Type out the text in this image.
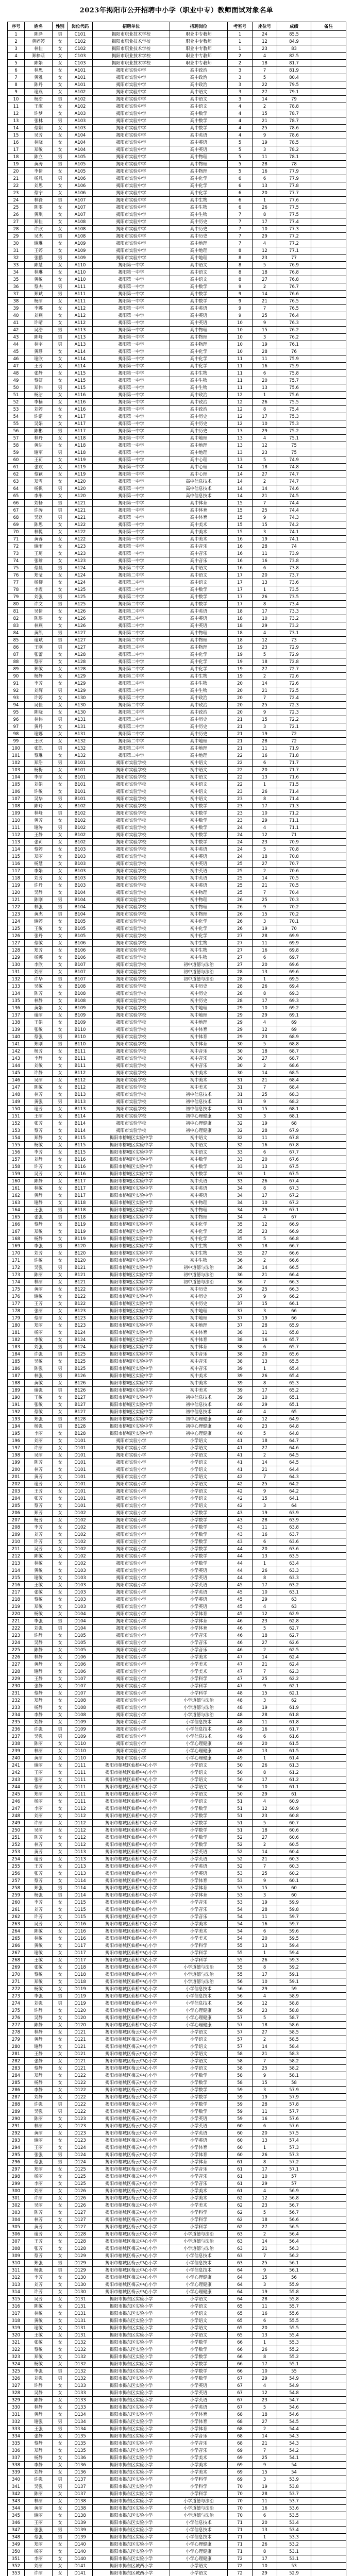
2023年揭阳市公开招聘中小学（职业中专）教师面试对象名单
序号	姓名	性别	岗位代码	招聘单位	招聘岗位	考室号	座位号	成绩	备注
1	陈泽	男	C101	揭阳市职业技术学校	职业中专教师	1	24	85.5	
2	黄婷婷	女	C102	揭阳市职业技术学校	职业中专教师	1	12	84.9	
3	林佳	女	C102	揭阳市职业技术学校	职业中专教师	1	23	83	
4	郑梓萌	女	C103	揭阳市职业技术学校	职业中专教师	2	4	82.5	
5	陈娟	女	C103	揭阳市职业技术学校	职业中专教师	2	18	81.7	
6	林思	女	A101	揭阳市实验中学	高中政治	3	7	81.9	
7	黄雅	女	A101	揭阳市实验中学	高中政治	3	5	80.4	
8	陈丹	女	A101	揭阳市实验中学	高中政治	3	22	79.5	
9	谢燕	女	A102	揭阳市实验中学	高中语文	3	27	79.1	
10	杨浩	男	A102	揭阳市实验中学	高中语文	3	14	79	
11	王淑	女	A102	揭阳市实验中学	高中语文	4	2	78.8	
12	许梦	女	A103	揭阳市实验中学	高中数学	4	15	78.7	
13	张林	男	A103	揭阳市实验中学	高中数学	4	21	78.7	
14	蔡娴	女	A103	揭阳市实验中学	高中数学	4	25	78.6	
15	吴芳	女	A104	揭阳市实验中学	高中英语	4	9	78.6	
16	林晓	女	A104	揭阳市实验中学	高中英语	5	19	78.5	
17	郑敏	女	A104	揭阳市实验中学	高中英语	5	3	78.2	
18	陈立	男	A105	揭阳市实验中学	高中物理	5	11	78.1	
19	黄涛	男	A105	揭阳市实验中学	高中物理	5	28	78	
20	李倩	女	A105	揭阳市实验中学	高中物理	5	16	77.9	
21	杨凡	男	A106	揭阳市实验中学	高中化学	6	6	77.9	
22	刘思	女	A106	揭阳市实验中学	高中化学	6	13	77.8	
23	蔡宁	女	A106	揭阳市实验中学	高中化学	6	20	77.7	
24	林锋	男	A107	揭阳市实验中学	高中生物	6	1	77.6	
25	陈雯	女	A107	揭阳市实验中学	高中生物	6	26	77.5	
26	黄琪	女	A107	揭阳市实验中学	高中生物	7	8	77.5	
27	郑佳	女	A108	揭阳市实验中学	高中历史	7	17	77.4	
28	许欣	女	A108	揭阳市实验中学	高中历史	7	10	77.3	
29	吴杰	男	A108	揭阳市实验中学	高中历史	7	29	77.2	
30	谢琳	女	A109	揭阳市实验中学	高中地理	7	4	77.2	
31	王婷	女	A109	揭阳市实验中学	高中地理	8	12	77.1	
32	张鹏	男	A109	揭阳市实验中学	高中地理	8	23	77	
33	陈慧	女	A110	揭阳第一中学	高中语文	8	5	76.9	
34	林琳	女	A110	揭阳第一中学	高中语文	8	18	76.8	
35	黄敏	女	A110	揭阳第一中学	高中语文	8	27	76.8	
36	蔡杰	男	A111	揭阳第一中学	高中数学	9	2	76.7	
37	郑斌	男	A111	揭阳第一中学	高中数学	9	14	76.6	
38	杨丽	女	A111	揭阳第一中学	高中数学	9	21	76.5	
39	李娜	女	A112	揭阳第一中学	高中英语	9	7	76.5	
40	刘燕	女	A112	揭阳第一中学	高中英语	9	25	76.4	
41	许晴	女	A112	揭阳第一中学	高中英语	10	9	76.3	
42	吴浩	男	A113	揭阳第一中学	高中物理	10	15	76.2	
43	陈峰	男	A113	揭阳第一中学	高中物理	10	3	76.2	
44	林宇	男	A113	揭阳第一中学	高中物理	10	19	76.1	
45	黄珊	女	A114	揭阳第一中学	高中化学	10	28	76	
46	谢欣	女	A114	揭阳第一中学	高中化学	11	11	75.9	
47	王芳	女	A114	揭阳第一中学	高中化学	11	16	75.9	
48	张静	女	A115	揭阳第一中学	高中生物	11	6	75.8	
49	蔡妍	女	A115	揭阳第一中学	高中生物	11	20	75.7	
50	郑伟	男	A115	揭阳第一中学	高中生物	11	13	75.6	
51	杨洁	女	A116	揭阳第一中学	高中政治	12	1	75.6	
52	李楠	女	A116	揭阳第一中学	高中政治	12	26	75.5	
53	刘婷	女	A116	揭阳第一中学	高中政治	12	8	75.4	
54	许诺	女	A117	揭阳第一中学	高中历史	12	17	75.3	
55	吴娟	女	A117	揭阳第一中学	高中历史	12	10	75.3	
56	陈彬	男	A117	揭阳第一中学	高中历史	13	29	75.2	
57	林丹	女	A118	揭阳第一中学	高中地理	13	4	75.1	
58	黄洁	女	A118	揭阳第一中学	高中地理	13	12	75	
59	谢军	男	A118	揭阳第一中学	高中地理	13	23	75	
60	王莉	女	A119	揭阳第一中学	高中心理	13	5	74.9	
61	张欢	女	A119	揭阳第一中学	高中心理	14	18	74.8	
62	蔡颖	女	A119	揭阳第一中学	高中心理	14	27	74.7	
63	郑雪	女	A120	揭阳第一中学	高中信息技术	14	2	74.7	
64	杨帆	男	A120	揭阳第一中学	高中信息技术	14	14	74.6	
65	李彤	女	A120	揭阳第一中学	高中信息技术	14	21	74.5	
66	刘畅	男	A121	揭阳第一中学	高中体育	15	7	74.4	
67	许涛	男	A121	揭阳第一中学	高中体育	15	25	74.4	
68	吴磊	男	A121	揭阳第一中学	高中体育	15	9	74.3	
69	陈思	女	A122	揭阳第一中学	高中美术	15	15	74.2	
70	林悦	女	A122	揭阳第一中学	高中美术	15	3	74.1	
71	黄蓉	女	A122	揭阳第一中学	高中美术	16	19	74.1	
72	谢雨	女	A123	揭阳第一中学	高中音乐	16	28	74	
73	王琦	女	A123	揭阳第一中学	高中音乐	16	11	73.9	
74	张瑜	女	A123	揭阳第一中学	高中音乐	16	16	73.8	
75	蔡晨	男	A124	揭阳第二中学	高中语文	16	6	73.8	
76	郑莹	女	A124	揭阳第二中学	高中语文	17	20	73.7	
77	杨柳	女	A124	揭阳第二中学	高中语文	17	13	73.6	
78	李霞	女	A125	揭阳第二中学	高中数学	17	1	73.5	
79	刘强	男	A125	揭阳第二中学	高中数学	17	26	73.5	
80	许文	男	A125	揭阳第二中学	高中数学	17	8	73.4	
81	吴倩	女	A126	揭阳第二中学	高中英语	18	17	73.3	
82	陈瑶	女	A126	揭阳第二中学	高中英语	18	10	73.2	
83	林燕	女	A126	揭阳第二中学	高中英语	18	29	73.2	
84	黄凯	男	A127	揭阳第二中学	高中物理	18	4	73.1	
85	谢斌	男	A127	揭阳第二中学	高中物理	18	12	73	
86	王刚	男	A127	揭阳第二中学	高中物理	19	23	72.9	
87	张蕾	女	A128	揭阳第二中学	高中化学	19	5	72.9	
88	蔡丽	女	A128	揭阳第二中学	高中化学	19	18	72.8	
89	郑敏	女	A128	揭阳第二中学	高中化学	19	27	72.7	
90	杨静	女	A129	揭阳第二中学	高中生物	19	2	72.6	
91	李芳	女	A129	揭阳第二中学	高中生物	20	14	72.6	
92	刘辉	男	A129	揭阳第二中学	高中生物	20	21	72.5	
93	许婷	女	A130	揭阳第二中学	高中政治	20	7	72.4	
94	吴佳	女	A130	揭阳第二中学	高中政治	20	25	72.3	
95	陈晓	女	A130	揭阳第二中学	高中政治	20	9	72.3	
96	林伟	男	A131	揭阳第二中学	高中历史	21	15	72.2	
97	黄丹	女	A131	揭阳第二中学	高中历史	21	3	72.1	
98	谢娜	女	A131	揭阳第二中学	高中历史	21	19	72	
99	王欣	女	A132	揭阳第二中学	高中地理	21	28	72	
100	张凯	男	A132	揭阳第二中学	高中地理	21	11	71.9	
101	蔡琳	女	A132	揭阳第二中学	高中地理	22	16	71.8	
102	郑浩	男	B101	揭阳市实验学校	初中语文	22	6	71.7	
103	杨梅	女	B101	揭阳市实验学校	初中语文	22	20	71.7	
104	李丽	女	B101	揭阳市实验学校	初中语文	22	13	71.6	
105	刘娟	女	B101	揭阳市实验学校	初中语文	22	1	71.5	
106	许敏	女	B101	揭阳市实验学校	初中语文	23	26	71.4	
107	吴华	男	B101	揭阳市实验学校	初中语文	23	8	71.4	
108	陈玲	女	B102	揭阳市实验学校	初中数学	23	17	71.3	
109	林峰	男	B102	揭阳市实验学校	初中数学	23	10	71.2	
110	黄芳	女	B102	揭阳市实验学校	初中数学	23	29	71.1	
111	谢涛	男	B102	揭阳市实验学校	初中数学	24	4	71.1	
112	王静	女	B102	揭阳市实验学校	初中数学	24	12	71	
113	张莉	女	B102	揭阳市实验学校	初中数学	24	23	70.9	
114	蔡婷	女	B103	揭阳市实验学校	初中英语	24	5	70.8	
115	郑丽	女	B103	揭阳市实验学校	初中英语	24	18	70.8	
116	杨慧	女	B103	揭阳市实验学校	初中英语	25	27	70.7	
117	李娟	女	B103	揭阳市实验学校	初中英语	25	2	70.6	
118	刘芳	女	B103	揭阳市实验学校	初中英语	25	14	70.5	
119	许丹	女	B103	揭阳市实验学校	初中英语	25	21	70.5	
120	吴静	女	B104	揭阳市实验学校	初中物理	25	7	70.4	
121	陈刚	男	B104	揭阳市实验学校	初中物理	26	25	70.3	
122	林强	男	B104	揭阳市实验学校	初中物理	26	9	70.2	
123	黄杰	男	B104	揭阳市实验学校	初中物理	26	15	70.2	
124	谢婷	女	B105	揭阳市实验学校	初中化学	26	3	70.1	
125	王敏	女	B105	揭阳市实验学校	初中化学	26	19	70	
126	张丹	女	B105	揭阳市实验学校	初中化学	27	28	69.9	
127	蔡敏	女	B106	揭阳市实验学校	初中生物	27	11	69.9	
128	郑芳	女	B106	揭阳市实验学校	初中生物	27	16	69.8	
129	杨娜	女	B106	揭阳市实验学校	初中生物	27	6	69.7	
130	李欣	女	B107	揭阳市实验学校	初中道德与法治	27	20	69.6	
131	刘丽	女	B107	揭阳市实验学校	初中道德与法治	28	13	69.6	
132	许华	男	B107	揭阳市实验学校	初中道德与法治	28	1	69.5	
133	吴敏	女	B108	揭阳市实验学校	初中历史	28	26	69.4	
134	陈芳	女	B108	揭阳市实验学校	初中历史	28	8	69.3	
135	林静	女	B108	揭阳市实验学校	初中历史	28	17	69.3	
136	黄娟	女	B109	揭阳市实验学校	初中地理	29	10	69.2	
137	谢丽	女	B109	揭阳市实验学校	初中地理	29	29	69.1	
138	王娟	女	B109	揭阳市实验学校	初中地理	29	4	69	
139	张敏	女	B110	揭阳市实验学校	初中体育	29	12	69	
140	蔡强	男	B110	揭阳市实验学校	初中体育	29	23	68.9	
141	郑刚	男	B110	揭阳市实验学校	初中体育	30	5	68.8	
142	杨芳	女	B111	揭阳市实验学校	初中音乐	30	18	68.7	
143	李静	女	B111	揭阳市实验学校	初中音乐	30	27	68.7	
144	刘敏	女	B111	揭阳市实验学校	初中音乐	30	2	68.6	
145	许静	女	B112	揭阳市实验学校	初中美术	30	14	68.5	
146	吴丽	女	B112	揭阳市实验学校	初中美术	31	21	68.4	
147	陈敏	女	B112	揭阳市实验学校	初中美术	31	7	68.4	
148	林芳	女	B113	揭阳市实验学校	初中信息技术	31	25	68.3	
149	黄强	男	B113	揭阳市实验学校	初中信息技术	31	9	68.2	
150	谢芳	女	B113	揭阳市实验学校	初中信息技术	31	15	68.1	
151	王丽	女	B114	揭阳市实验学校	初中心理健康	32	3	68.1	
152	张芳	女	B114	揭阳市实验学校	初中心理健康	32	19	68	
153	蔡芳	女	B114	揭阳市实验学校	初中心理健康	32	28	67.9	
154	郑静	女	B115	揭阳市榕城区实验中学	初中语文	32	11	67.8	
155	杨敏	女	B115	揭阳市榕城区实验中学	初中语文	32	16	67.8	
156	李芳	女	B115	揭阳市榕城区实验中学	初中语文	33	6	67.7	
157	刘静	女	B116	揭阳市榕城区实验中学	初中数学	33	20	67.6	
158	许芳	女	B116	揭阳市榕城区实验中学	初中数学	33	13	67.5	
159	吴芳	女	B116	揭阳市榕城区实验中学	初中数学	33	1	67.5	
160	陈静	女	B117	揭阳市榕城区实验中学	初中英语	33	26	67.4	
161	林敏	女	B117	揭阳市榕城区实验中学	初中英语	34	8	67.3	
162	黄静	女	B117	揭阳市榕城区实验中学	初中英语	34	17	67.2	
163	谢静	女	B118	揭阳市榕城区实验中学	初中物理	34	10	67.2	
164	王强	男	B118	揭阳市榕城区实验中学	初中物理	34	29	67.1	
165	张强	男	B118	揭阳市榕城区实验中学	初中物理	34	4	67	
166	蔡静	女	B119	揭阳市榕城区实验中学	初中化学	35	12	66.9	
167	郑敏	女	B119	揭阳市榕城区实验中学	初中化学	35	23	66.9	
168	杨静	女	B119	揭阳市榕城区实验中学	初中化学	35	5	66.8	
169	李强	男	B120	揭阳市榕城区实验中学	初中生物	35	18	66.7	
170	刘芳	女	B120	揭阳市榕城区实验中学	初中生物	35	27	66.6	
171	许敏	女	B120	揭阳市榕城区实验中学	初中生物	36	2	66.6	
172	吴强	男	B121	揭阳市榕城区实验中学	初中道德与法治	36	14	66.5	
173	陈丽	女	B121	揭阳市榕城区实验中学	初中道德与法治	36	21	66.4	
174	林丽	女	B121	揭阳市榕城区实验中学	初中道德与法治	36	7	66.3	
175	黄丽	女	B122	揭阳市榕城区实验中学	初中历史	36	25	66.3	
176	谢敏	女	B122	揭阳市榕城区实验中学	初中历史	37	9	66.2	
177	王芳	女	B122	揭阳市榕城区实验中学	初中历史	37	15	66.1	
178	张丽	女	B123	揭阳市榕城区实验中学	初中地理	37	3	66	
179	蔡丽	女	B123	揭阳市榕城区实验中学	初中地理	37	19	66	
180	郑丽	女	B123	揭阳市榕城区实验中学	初中地理	37	28	65.9	
181	杨丽	女	B124	揭阳市榕城区实验中学	初中体育	38	11	65.8	
182	李敏	女	B124	揭阳市榕城区实验中学	初中体育	38	16	65.7	
183	刘强	男	B124	揭阳市榕城区实验中学	初中体育	38	6	65.7	
184	许强	男	B125	揭阳市榕城区实验中学	初中音乐	38	20	65.6	
185	吴敏	女	B125	揭阳市榕城区实验中学	初中音乐	38	13	65.5	
186	陈强	男	B125	揭阳市榕城区实验中学	初中音乐	39	1	65.4	
187	林强	男	B126	揭阳市榕城区实验中学	初中美术	39	26	65.4	
188	黄敏	女	B126	揭阳市榕城区实验中学	初中美术	39	8	65.3	
189	谢强	男	B126	揭阳市榕城区实验中学	初中美术	39	17	65.2	
190	王敏	女	B127	揭阳市榕城区实验中学	初中信息技术	39	10	65.1	
191	张敏	女	B127	揭阳市榕城区实验中学	初中信息技术	40	29	65.1	
192	蔡敏	女	B127	揭阳市榕城区实验中学	初中信息技术	40	4	65	
193	郑强	男	B128	揭阳市榕城区实验中学	初中心理健康	40	12	64.9	
194	杨强	男	B128	揭阳市榕城区实验中学	初中心理健康	40	23	64.8	
195	李丽	女	B128	揭阳市榕城区实验中学	初中心理健康	40	5	64.8	
196	刘丽	女	D101	揭阳市实验小学	小学语文	41	18	64.7	
197	许丽	女	D101	揭阳市实验小学	小学语文	41	27	64.6	
198	吴丽	女	D101	揭阳市实验小学	小学语文	41	2	64.5	
199	陈芳	女	D101	揭阳市实验小学	小学语文	41	14	64.5	
200	林芳	女	D101	揭阳市实验小学	小学语文	41	21	64.4	
201	黄芳	女	D101	揭阳市实验小学	小学语文	42	7	64.3	
202	谢芳	女	D101	揭阳市实验小学	小学语文	42	25	64.2	
203	王芳	女	D101	揭阳市实验小学	小学语文	42	9	64.2	
204	张芳	女	D101	揭阳市实验小学	小学语文	42	15	64.1	
205	蔡芳	女	D101	揭阳市实验小学	小学语文	42	3	64	
206	郑芳	女	D102	揭阳市实验小学	小学数学	43	19	63.9	
207	杨芳	女	D102	揭阳市实验小学	小学数学	43	28	63.9	
208	李芳	女	D102	揭阳市实验小学	小学数学	43	11	63.8	
209	刘芳	女	D102	揭阳市实验小学	小学数学	43	16	63.7	
210	许芳	女	D102	揭阳市实验小学	小学数学	43	6	63.6	
211	吴芳	女	D102	揭阳市实验小学	小学数学	44	20	63.6	
212	陈敏	女	D102	揭阳市实验小学	小学数学	44	13	63.5	
213	林敏	女	D102	揭阳市实验小学	小学数学	44	1	63.4	
214	黄敏	女	D103	揭阳市实验小学	小学英语	44	26	63.3	
215	谢敏	女	D103	揭阳市实验小学	小学英语	44	8	63.3	
216	王敏	女	D103	揭阳市实验小学	小学英语	45	17	63.2	
217	张敏	女	D103	揭阳市实验小学	小学英语	45	10	63.1	
218	蔡敏	女	D103	揭阳市实验小学	小学英语	45	29	63	
219	郑敏	女	D103	揭阳市实验小学	小学英语	45	4	63	
220	杨敏	女	D104	揭阳市实验小学	小学体育	45	12	62.9	
221	李强	男	D104	揭阳市实验小学	小学体育	46	23	62.8	
222	刘强	男	D104	揭阳市实验小学	小学体育	46	5	62.7	
223	许静	女	D105	揭阳市实验小学	小学音乐	46	18	62.7	
224	吴静	女	D105	揭阳市实验小学	小学音乐	46	27	62.6	
225	陈静	女	D105	揭阳市实验小学	小学音乐	46	2	62.5	
226	林静	女	D106	揭阳市实验小学	小学美术	47	14	62.4	
227	黄静	女	D106	揭阳市实验小学	小学美术	47	21	62.4	
228	谢静	女	D106	揭阳市实验小学	小学美术	47	7	62.3	
229	王静	女	D107	揭阳市实验小学	小学科学	47	25	62.2	
230	张静	女	D107	揭阳市实验小学	小学科学	47	9	62.1	
231	蔡静	女	D107	揭阳市实验小学	小学科学	48	15	62.1	
232	郑静	女	D108	揭阳市实验小学	小学道德与法治	48	3	62	
233	杨静	女	D108	揭阳市实验小学	小学道德与法治	48	19	61.9	
234	李静	女	D108	揭阳市实验小学	小学道德与法治	48	28	61.8	
235	刘静	女	D109	揭阳市实验小学	小学信息技术	48	11	61.8	
236	许强	男	D109	揭阳市实验小学	小学信息技术	49	16	61.7	
237	吴强	男	D109	揭阳市实验小学	小学信息技术	49	6	61.6	
238	陈丽	女	D110	揭阳市实验小学	小学心理健康	49	20	61.5	
239	林丽	女	D110	揭阳市实验小学	小学心理健康	49	13	61.5	
240	黄丽	女	D110	揭阳市实验小学	小学心理健康	49	1	61.4	
241	谢丽	女	D111	揭阳市榕城区仙桥中心小学	小学语文	50	26	61.3	
242	王丽	女	D111	揭阳市榕城区仙桥中心小学	小学语文	50	8	61.2	
243	张丽	女	D111	揭阳市榕城区仙桥中心小学	小学语文	50	17	61.2	
244	蔡丽	女	D111	揭阳市榕城区仙桥中心小学	小学语文	50	10	61.1	
245	郑丽	女	D111	揭阳市榕城区仙桥中心小学	小学语文	50	29	61	
246	杨丽	女	D111	揭阳市榕城区仙桥中心小学	小学语文	51	4	60.9	
247	李丽	女	D112	揭阳市榕城区仙桥中心小学	小学数学	51	12	60.9	
248	刘丽	女	D112	揭阳市榕城区仙桥中心小学	小学数学	51	23	60.8	
249	许丽	女	D112	揭阳市榕城区仙桥中心小学	小学数学	51	5	60.7	
250	吴丽	女	D112	揭阳市榕城区仙桥中心小学	小学数学	51	18	60.6	
251	陈芳	女	D112	揭阳市榕城区仙桥中心小学	小学数学	52	27	60.6	
252	林芳	女	D112	揭阳市榕城区仙桥中心小学	小学数学	52	2	60.5	
253	黄芳	女	D113	揭阳市榕城区仙桥中心小学	小学英语	52	14	60.4	
254	谢芳	女	D113	揭阳市榕城区仙桥中心小学	小学英语	52	21	60.3	
255	王芳	女	D113	揭阳市榕城区仙桥中心小学	小学英语	52	7	60.3	
256	张芳	女	D113	揭阳市榕城区仙桥中心小学	小学英语	53	25	60.2	
257	蔡芳	女	D114	揭阳市榕城区仙桥中心小学	小学体育	53	9	60.1	
258	郑强	男	D114	揭阳市榕城区仙桥中心小学	小学体育	53	15	60	
259	杨强	男	D114	揭阳市榕城区仙桥中心小学	小学体育	53	3	60	
260	李芳	女	D115	揭阳市榕城区仙桥中心小学	小学音乐	53	19	59.9	
261	刘芳	女	D115	揭阳市榕城区仙桥中心小学	小学音乐	54	28	59.8	
262	许芳	女	D115	揭阳市榕城区仙桥中心小学	小学音乐	54	11	59.7	
263	吴芳	女	D116	揭阳市榕城区仙桥中心小学	小学美术	54	16	59.7	
264	陈敏	女	D116	揭阳市榕城区仙桥中心小学	小学美术	54	6	59.6	
265	林敏	女	D116	揭阳市榕城区仙桥中心小学	小学美术	54	20	59.5	
266	黄敏	女	D117	揭阳市榕城区仙桥中心小学	小学科学	55	13	59.4	
267	谢敏	女	D117	揭阳市榕城区仙桥中心小学	小学科学	55	1	59.4	
268	王敏	女	D117	揭阳市榕城区仙桥中心小学	小学科学	55	26	59.3	
269	张敏	女	D118	揭阳市榕城区仙桥中心小学	小学道德与法治	55	8	59.2	
270	蔡敏	女	D118	揭阳市榕城区仙桥中心小学	小学道德与法治	55	17	59.1	
271	郑敏	女	D118	揭阳市榕城区仙桥中心小学	小学道德与法治	56	10	59.1	
272	杨敏	女	D119	揭阳市榕城区仙桥中心小学	小学信息技术	56	29	59	
273	李强	男	D119	揭阳市榕城区仙桥中心小学	小学信息技术	56	4	58.9	
274	刘强	男	D119	揭阳市榕城区仙桥中心小学	小学信息技术	56	12	58.8	
275	许静	女	D120	揭阳市榕城区仙桥中心小学	小学心理健康	56	23	58.8	
276	吴静	女	D120	揭阳市榕城区仙桥中心小学	小学心理健康	57	5	58.7	
277	陈静	女	D120	揭阳市榕城区仙桥中心小学	小学心理健康	57	18	58.6	
278	林静	女	D121	揭阳市榕城区梅云中心小学	小学语文	57	27	58.5	
279	黄静	女	D121	揭阳市榕城区梅云中心小学	小学语文	57	2	58.5	
280	谢静	女	D121	揭阳市榕城区梅云中心小学	小学语文	57	14	58.4	
281	王静	女	D121	揭阳市榕城区梅云中心小学	小学语文	58	21	58.3	
282	张静	女	D121	揭阳市榕城区梅云中心小学	小学语文	58	7	58.2	
283	蔡静	女	D121	揭阳市榕城区梅云中心小学	小学语文	58	25	58.2	
284	郑静	女	D122	揭阳市榕城区梅云中心小学	小学数学	58	9	58.1	
285	杨静	女	D122	揭阳市榕城区梅云中心小学	小学数学	58	15	58	
286	李静	女	D122	揭阳市榕城区梅云中心小学	小学数学	59	3	57.9	
287	刘静	女	D122	揭阳市榕城区梅云中心小学	小学数学	59	19	57.9	
288	许强	男	D122	揭阳市榕城区梅云中心小学	小学数学	59	28	57.8	
289	吴强	男	D122	揭阳市榕城区梅云中心小学	小学数学	59	11	57.7	
290	陈丽	女	D123	揭阳市榕城区梅云中心小学	小学英语	59	16	57.6	
291	林丽	女	D123	揭阳市榕城区梅云中心小学	小学英语	60	6	57.6	
292	黄丽	女	D123	揭阳市榕城区梅云中心小学	小学英语	60	20	57.5	
293	谢丽	女	D123	揭阳市榕城区梅云中心小学	小学英语	60	13	57.4	
294	王丽	女	D124	揭阳市榕城区梅云中心小学	小学体育	60	1	57.3	
295	张强	男	D124	揭阳市榕城区梅云中心小学	小学体育	60	26	57.3	
296	蔡强	男	D124	揭阳市榕城区梅云中心小学	小学体育	61	8	57.2	
297	郑丽	女	D125	揭阳市榕城区梅云中心小学	小学音乐	61	17	57.1	
298	杨丽	女	D125	揭阳市榕城区梅云中心小学	小学音乐	61	10	57	
299	李丽	女	D125	揭阳市榕城区梅云中心小学	小学音乐	61	29	57	
300	刘丽	女	D126	揭阳市榕城区梅云中心小学	小学美术	61	4	56.9	
301	许丽	女	D126	揭阳市榕城区梅云中心小学	小学美术	62	12	56.8	
302	吴丽	女	D126	揭阳市榕城区梅云中心小学	小学美术	62	23	56.7	
303	陈芳	女	D127	揭阳市榕城区梅云中心小学	小学科学	62	5	56.7	
304	林芳	女	D127	揭阳市榕城区梅云中心小学	小学科学	62	18	56.6	
305	黄芳	女	D127	揭阳市榕城区梅云中心小学	小学科学	62	27	56.5	
306	谢芳	女	D128	揭阳市榕城区梅云中心小学	小学道德与法治	63	2	56.4	
307	王芳	女	D128	揭阳市榕城区梅云中心小学	小学道德与法治	63	14	56.4	
308	张芳	女	D128	揭阳市榕城区梅云中心小学	小学道德与法治	63	21	56.3	
309	蔡芳	女	D129	揭阳市榕城区梅云中心小学	小学信息技术	63	7	56.2	
310	郑强	男	D129	揭阳市榕城区梅云中心小学	小学信息技术	63	25	56.1	
311	杨强	男	D129	揭阳市榕城区梅云中心小学	小学信息技术	64	9	56.1	
312	李芳	女	D130	揭阳市榕城区梅云中心小学	小学心理健康	64	15	56	
313	刘芳	女	D130	揭阳市榕城区梅云中心小学	小学心理健康	64	3	55.9	
314	许芳	女	D130	揭阳市榕城区梅云中心小学	小学心理健康	64	19	55.8	
315	吴芳	女	D131	揭阳市揭东区实验小学	小学语文	64	28	55.8	
316	陈敏	女	D131	揭阳市揭东区实验小学	小学语文	65	11	55.7	
317	林敏	女	D131	揭阳市揭东区实验小学	小学语文	65	16	55.6	
318	黄敏	女	D131	揭阳市揭东区实验小学	小学语文	65	6	55.5	
319	谢敏	女	D131	揭阳市揭东区实验小学	小学语文	65	20	55.5	
320	王敏	女	D131	揭阳市揭东区实验小学	小学语文	65	13	55.4	
321	张敏	女	D132	揭阳市揭东区实验小学	小学数学	66	1	55.3	
322	蔡敏	女	D132	揭阳市揭东区实验小学	小学数学	66	26	55.2	
323	郑敏	女	D132	揭阳市揭东区实验小学	小学数学	66	8	55.2	
324	杨敏	女	D132	揭阳市揭东区实验小学	小学数学	66	17	55.1	
325	李强	男	D132	揭阳市揭东区实验小学	小学数学	66	10	55	
326	刘强	男	D132	揭阳市揭东区实验小学	小学数学	67	29	54.9	
327	许静	女	D133	揭阳市揭东区实验小学	小学英语	67	4	54.9	
328	吴静	女	D133	揭阳市揭东区实验小学	小学英语	67	12	54.8	
329	陈静	女	D133	揭阳市揭东区实验小学	小学英语	67	23	54.7	
330	林静	女	D133	揭阳市揭东区实验小学	小学英语	67	5	54.6	
331	黄静	女	D134	揭阳市揭东区实验小学	小学体育	68	18	54.6	
332	谢强	男	D134	揭阳市揭东区实验小学	小学体育	68	27	54.5	
333	王强	男	D134	揭阳市揭东区实验小学	小学体育	68	2	54.4	
334	张静	女	D135	揭阳市揭东区实验小学	小学音乐	68	14	54.3	
335	蔡静	女	D135	揭阳市揭东区实验小学	小学音乐	68	21	54.3	
336	郑静	女	D135	揭阳市揭东区实验小学	小学音乐	69	7	54.2	
337	杨静	女	D136	揭阳市揭东区实验小学	小学美术	69	25	54.1	
338	李静	女	D136	揭阳市揭东区实验小学	小学美术	69	9	54	
339	刘静	女	D136	揭阳市揭东区实验小学	小学美术	69	15	54	
340	许强	男	D137	揭阳市揭东区实验小学	小学科学	69	3	53.9	
341	吴强	男	D137	揭阳市揭东区实验小学	小学科学	70	19	53.8	
342	陈丽	女	D137	揭阳市揭东区实验小学	小学科学	70	28	53.7	
343	林丽	女	D138	揭阳市揭东区实验小学	小学道德与法治	70	11	53.7	
344	黄丽	女	D138	揭阳市揭东区实验小学	小学道德与法治	70	16	53.6	
345	谢丽	女	D138	揭阳市揭东区实验小学	小学道德与法治	70	6	53.5	
346	王丽	女	D139	揭阳市揭东区实验小学	小学信息技术	71	20	53.4	
347	张强	男	D139	揭阳市揭东区实验小学	小学信息技术	71	13	53.4	
348	蔡强	男	D139	揭阳市揭东区实验小学	小学信息技术	71	1	53.3	
349	郑丽	女	D140	揭阳市揭东区实验小学	小学心理健康	71	26	53.2	
350	杨丽	女	D140	揭阳市揭东区实验小学	小学心理健康	71	8	53.1	
351	李丽	女	D140	揭阳市揭东区实验小学	小学心理健康	72	17	53.1	
352	刘丽	女	D141	揭阳市揭东区城西小学	小学语文	72	10	53	
353	许丽	女	D141	揭阳市揭东区城西小学	小学语文	72	29	52.9	
